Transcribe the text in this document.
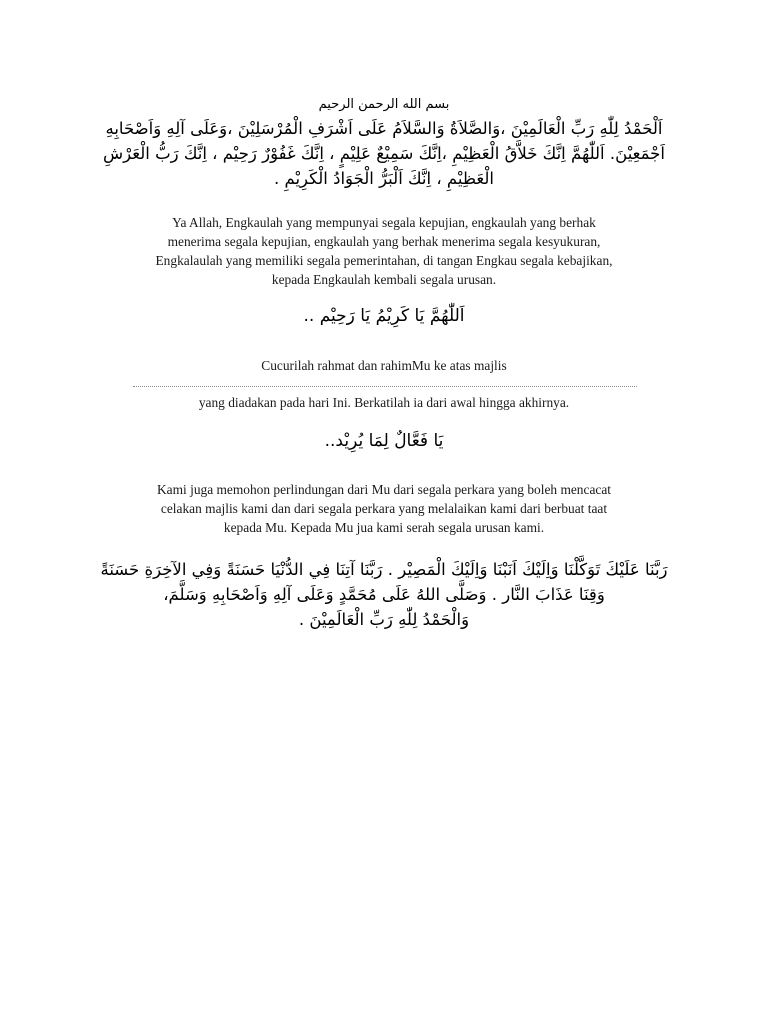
بسم الله الرحمن الرحيم
اَلْحَمْدُ لِلّٰهِ رَبِّ الْعَالَمِيْنَ ،وَالصَّلاَةُ وَالسَّلاَمُ عَلَى اَشْرَفِ الْمُرْسَلِيْنَ ،وَعَلَى آلِهِ وَاَصْحَابِهِ
اَجْمَعِيْنَ. اَللّٰهُمَّ اِنَّكَ خَلاَّقُ الْعَظِيْمِ ،اِنَّكَ سَمِيْعٌ عَلِيْمٍ ، اِنَّكَ غَفُوْرٌ رَحِيْم ، اِنَّكَ رَبُّ الْعَرْشِ
الْعَظِيْمِ ، اِنَّكَ اَلْبَرُّ الْجَوَادُ الْكَرِيْمِ .
Ya Allah, Engkaulah yang mempunyai segala kepujian, engkaulah yang berhak
menerima segala kepujian, engkaulah yang berhak menerima segala kesyukuran,
Engkalaulah yang memiliki segala pemerintahan, di tangan Engkau segala kebajikan,
kepada Engkaulah kembali segala urusan.
اَللّٰهُمَّ يَا كَرِيْمُ يَا رَحِيْم ..
Cucurilah rahmat dan rahimMu ke atas majlis
yang diadakan pada hari Ini. Berkatilah ia dari awal hingga akhirnya.
يَا فَعَّالٌ لِمَا يُرِيْد..
Kami juga memohon perlindungan dari Mu dari segala perkara yang boleh mencacat
celakan majlis kami dan dari segala perkara yang melalaikan kami dari berbuat taat
kepada Mu. Kepada Mu jua kami serah segala urusan kami.
رَبَّنَا عَلَيْكَ تَوَكَّلْنَا وَاِلَيْكَ اَنَبْنَا وَاِلَيْكَ الْمَصِيْر . رَبَّنَا آتِنَا فِي الدُّنْيَا حَسَنَةً وَفِي الآخِرَةِ حَسَنَةً
وَقِنَا عَذَابَ النَّار . وَصَلَّى اللهُ عَلَى مُحَمَّدٍ وَعَلَى آلِهِ وَاَصْحَابِهِ وَسَلَّمَ،
وَالْحَمْدُ لِلّٰهِ رَبِّ الْعَالَمِيْنَ .
